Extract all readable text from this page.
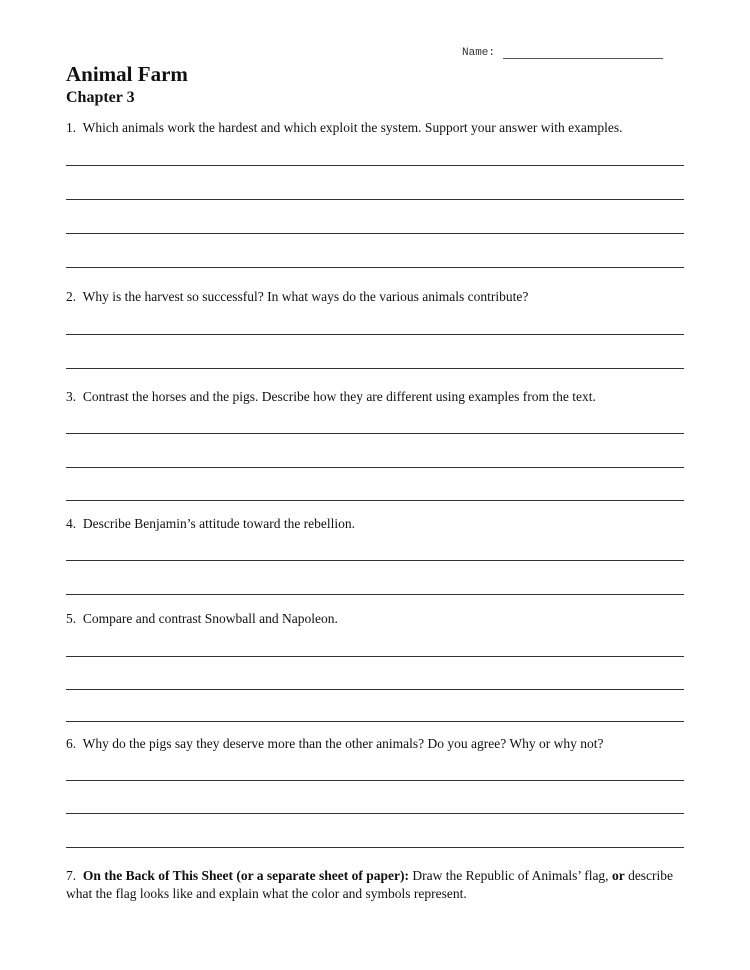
Name:
Animal Farm
Chapter 3
1. Which animals work the hardest and which exploit the system. Support your answer with examples.
2. Why is the harvest so successful? In what ways do the various animals contribute?
3. Contrast the horses and the pigs. Describe how they are different using examples from the text.
4. Describe Benjamin’s attitude toward the rebellion.
5. Compare and contrast Snowball and Napoleon.
6. Why do the pigs say they deserve more than the other animals? Do you agree? Why or why not?
7. On the Back of This Sheet (or a separate sheet of paper): Draw the Republic of Animals’ flag, or describe what the flag looks like and explain what the color and symbols represent.
